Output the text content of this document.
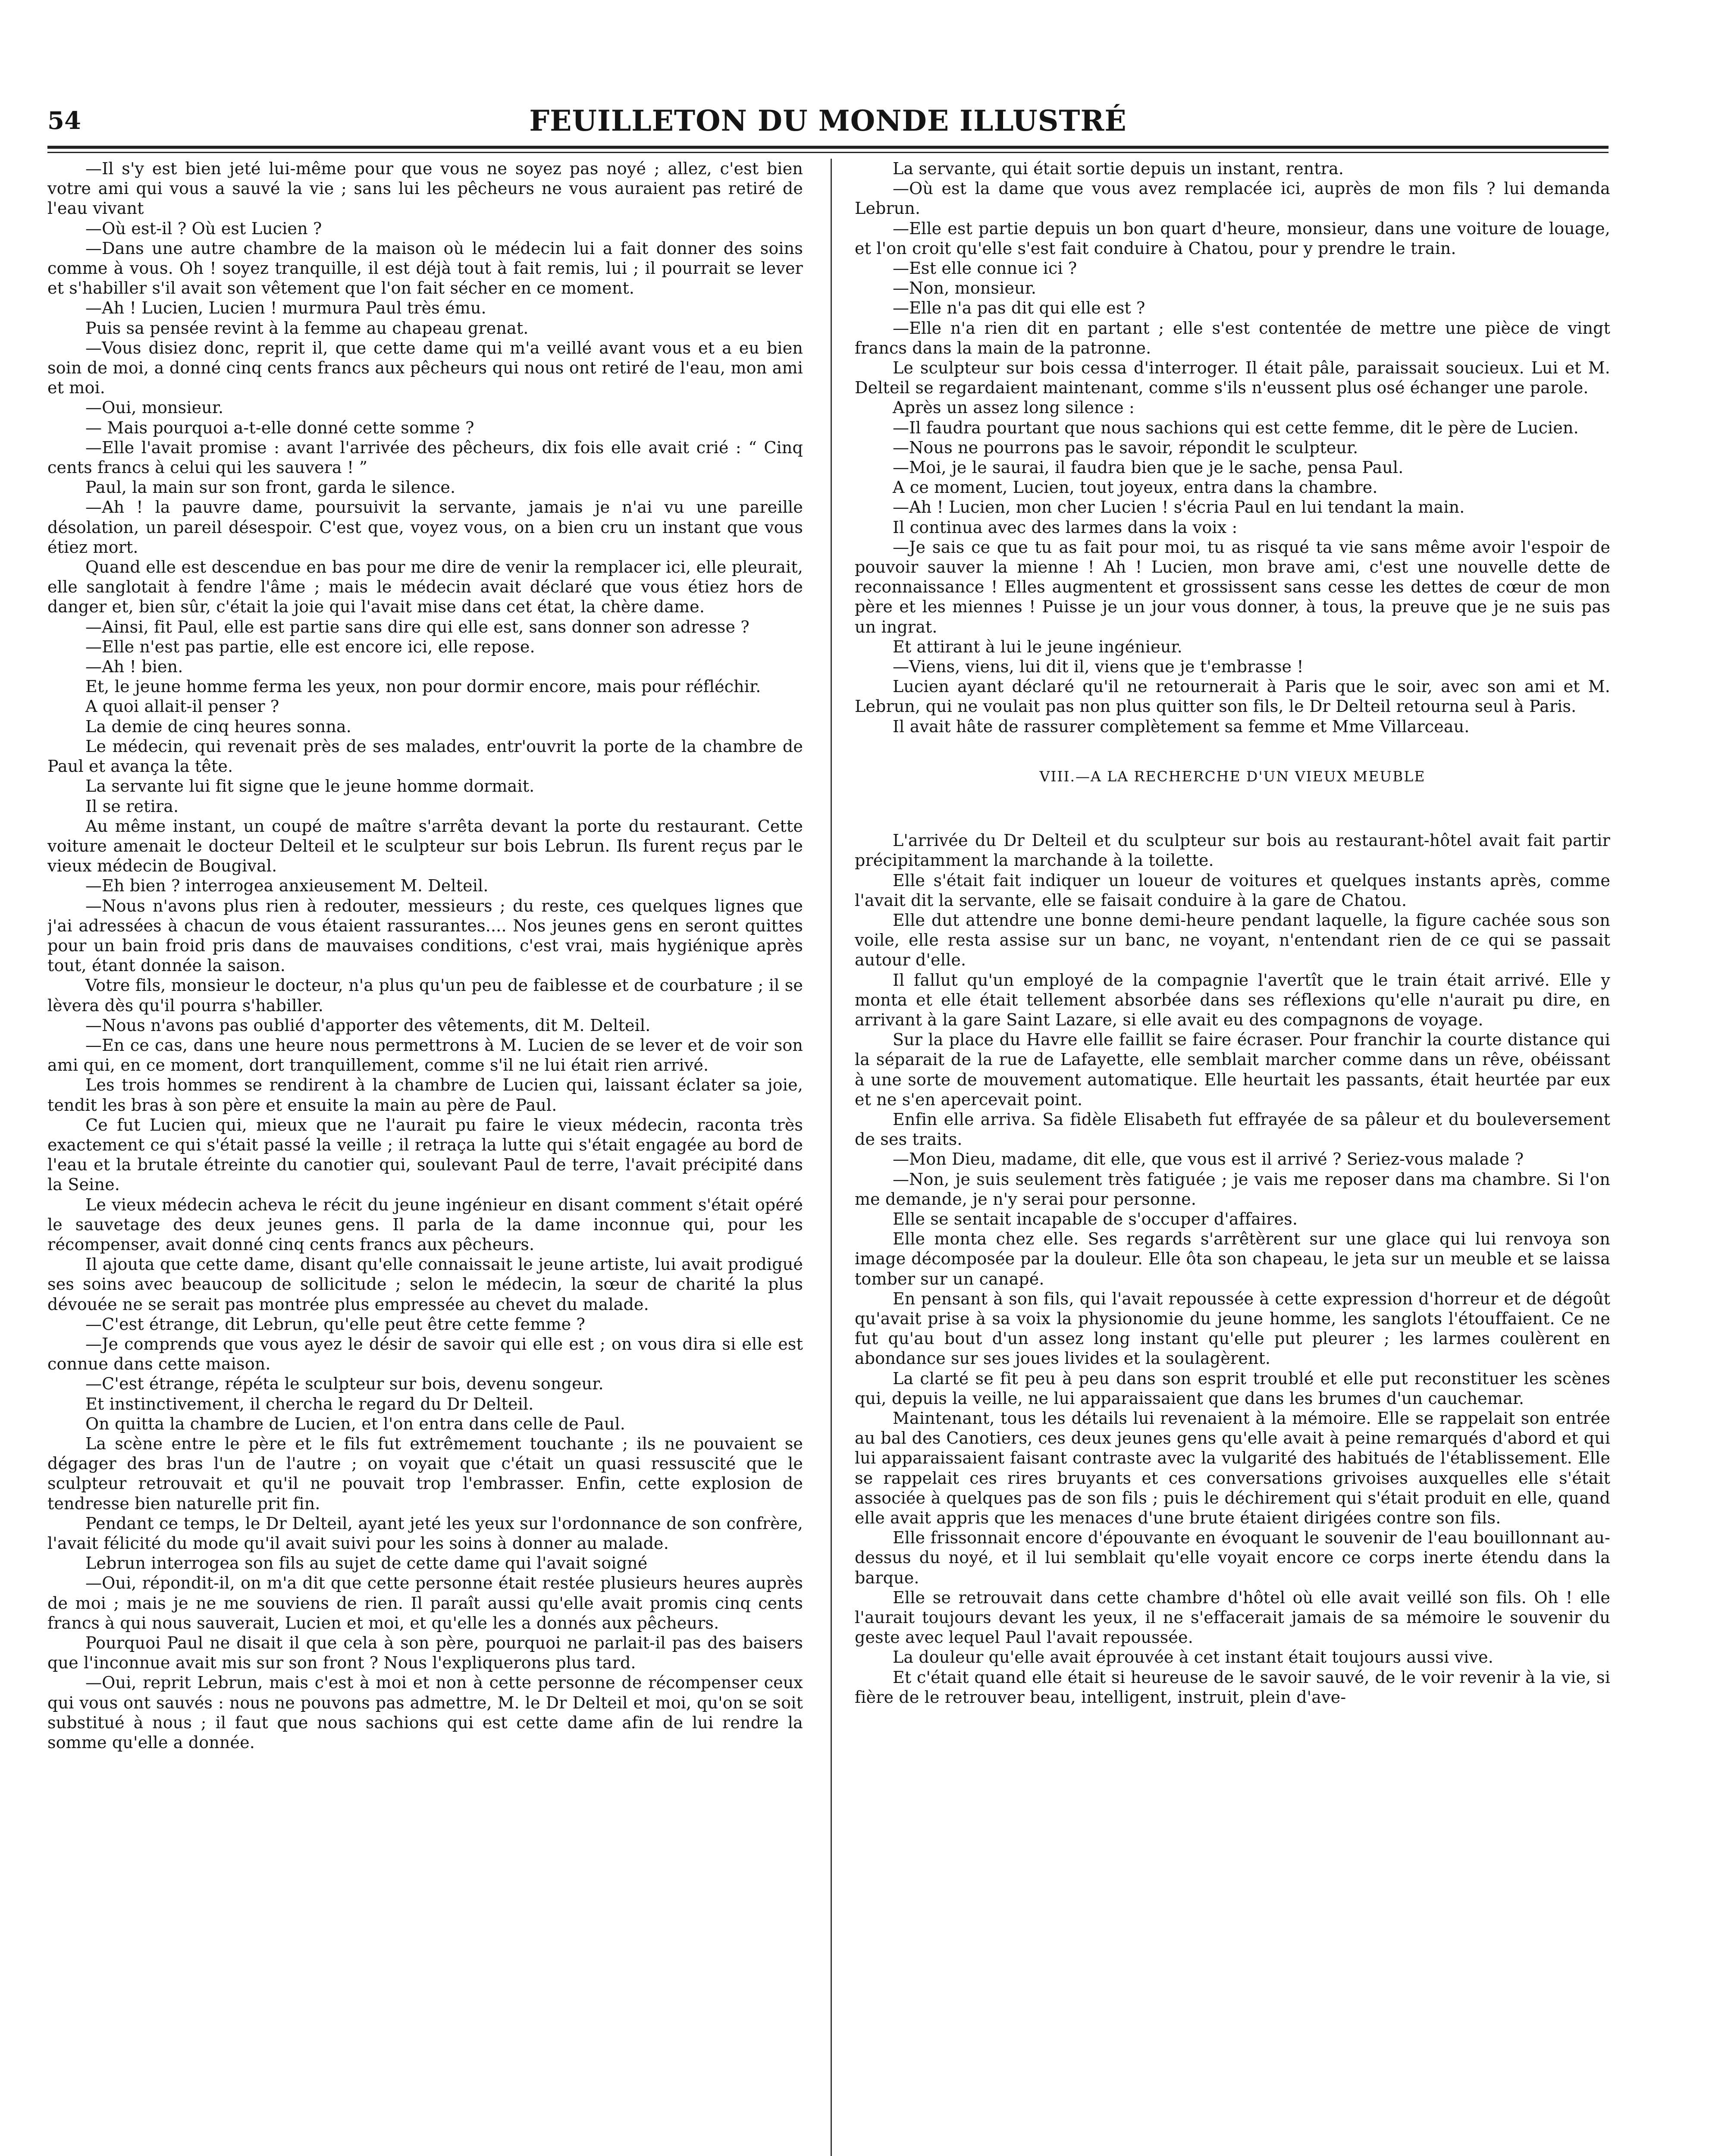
54	FEUILLETON DU MONDE ILLUSTRÉ

—Il s'y est bien jeté lui-même pour que vous ne soyez pas noyé ; allez, c'est bien votre ami qui vous a sauvé la vie ; sans lui les pêcheurs ne vous auraient pas retiré de l'eau vivant

—Où est-il ? Où est Lucien ?

—Dans une autre chambre de la maison où le médecin lui a fait donner des soins comme à vous. Oh ! soyez tranquille, il est déjà tout à fait remis, lui ; il pourrait se lever et s'habiller s'il avait son vêtement que l'on fait sécher en ce moment.

—Ah ! Lucien, Lucien ! murmura Paul très ému.

Puis sa pensée revint à la femme au chapeau grenat.

—Vous disiez donc, reprit il, que cette dame qui m'a veillé avant vous et a eu bien soin de moi, a donné cinq cents francs aux pêcheurs qui nous ont retiré de l'eau, mon ami et moi.

—Oui, monsieur.

— Mais pourquoi a-t-elle donné cette somme ?

—Elle l'avait promise : avant l'arrivée des pêcheurs, dix fois elle avait crié : “ Cinq cents francs à celui qui les sauvera ! ”

Paul, la main sur son front, garda le silence.

—Ah ! la pauvre dame, poursuivit la servante, jamais je n'ai vu une pareille désolation, un pareil désespoir. C'est que, voyez vous, on a bien cru un instant que vous étiez mort.

Quand elle est descendue en bas pour me dire de venir la remplacer ici, elle pleurait, elle sanglotait à fendre l'âme ; mais le médecin avait déclaré que vous étiez hors de danger et, bien sûr, c'était la joie qui l'avait mise dans cet état, la chère dame.

—Ainsi, fit Paul, elle est partie sans dire qui elle est, sans donner son adresse ?

—Elle n'est pas partie, elle est encore ici, elle repose.

—Ah ! bien.

Et, le jeune homme ferma les yeux, non pour dormir encore, mais pour réfléchir.

A quoi allait-il penser ?

La demie de cinq heures sonna.

Le médecin, qui revenait près de ses malades, entr'ouvrit la porte de la chambre de Paul et avança la tête.

La servante lui fit signe que le jeune homme dormait.

Il se retira.

Au même instant, un coupé de maître s'arrêta devant la porte du restaurant. Cette voiture amenait le docteur Delteil et le sculpteur sur bois Lebrun. Ils furent reçus par le vieux médecin de Bougival.

—Eh bien ? interrogea anxieusement M. Delteil.

—Nous n'avons plus rien à redouter, messieurs ; du reste, ces quelques lignes que j'ai adressées à chacun de vous étaient rassurantes.... Nos jeunes gens en seront quittes pour un bain froid pris dans de mauvaises conditions, c'est vrai, mais hygiénique après tout, étant donnée la saison.

Votre fils, monsieur le docteur, n'a plus qu'un peu de faiblesse et de courbature ; il se lèvera dès qu'il pourra s'habiller.

—Nous n'avons pas oublié d'apporter des vêtements, dit M. Delteil.

—En ce cas, dans une heure nous permettrons à M. Lucien de se lever et de voir son ami qui, en ce moment, dort tranquillement, comme s'il ne lui était rien arrivé.

Les trois hommes se rendirent à la chambre de Lucien qui, laissant éclater sa joie, tendit les bras à son père et ensuite la main au père de Paul.

Ce fut Lucien qui, mieux que ne l'aurait pu faire le vieux médecin, raconta très exactement ce qui s'était passé la veille ; il retraça la lutte qui s'était engagée au bord de l'eau et la brutale étreinte du canotier qui, soulevant Paul de terre, l'avait précipité dans la Seine.

Le vieux médecin acheva le récit du jeune ingénieur en disant comment s'était opéré le sauvetage des deux jeunes gens. Il parla de la dame inconnue qui, pour les récompenser, avait donné cinq cents francs aux pêcheurs.

Il ajouta que cette dame, disant qu'elle connaissait le jeune artiste, lui avait prodigué ses soins avec beaucoup de sollicitude ; selon le médecin, la sœur de charité la plus dévouée ne se serait pas montrée plus empressée au chevet du malade.

—C'est étrange, dit Lebrun, qu'elle peut être cette femme ?

—Je comprends que vous ayez le désir de savoir qui elle est ; on vous dira si elle est connue dans cette maison.

—C'est étrange, répéta le sculpteur sur bois, devenu songeur.

Et instinctivement, il chercha le regard du Dr Delteil.

On quitta la chambre de Lucien, et l'on entra dans celle de Paul.

La scène entre le père et le fils fut extrêmement touchante ; ils ne pouvaient se dégager des bras l'un de l'autre ; on voyait que c'était un quasi ressuscité que le sculpteur retrouvait et qu'il ne pouvait trop l'embrasser. Enfin, cette explosion de tendresse bien naturelle prit fin.

Pendant ce temps, le Dr Delteil, ayant jeté les yeux sur l'ordonnance de son confrère, l'avait félicité du mode qu'il avait suivi pour les soins à donner au malade.

Lebrun interrogea son fils au sujet de cette dame qui l'avait soigné

—Oui, répondit-il, on m'a dit que cette personne était restée plusieurs heures auprès de moi ; mais je ne me souviens de rien. Il paraît aussi qu'elle avait promis cinq cents francs à qui nous sauverait, Lucien et moi, et qu'elle les a donnés aux pêcheurs.

Pourquoi Paul ne disait il que cela à son père, pourquoi ne parlait-il pas des baisers que l'inconnue avait mis sur son front ? Nous l'expliquerons plus tard.

—Oui, reprit Lebrun, mais c'est à moi et non à cette personne de récompenser ceux qui vous ont sauvés : nous ne pouvons pas admettre, M. le Dr Delteil et moi, qu'on se soit substitué à nous ; il faut que nous sachions qui est cette dame afin de lui rendre la somme qu'elle a donnée.

La servante, qui était sortie depuis un instant, rentra.

—Où est la dame que vous avez remplacée ici, auprès de mon fils ? lui demanda Lebrun.

—Elle est partie depuis un bon quart d'heure, monsieur, dans une voiture de louage, et l'on croit qu'elle s'est fait conduire à Chatou, pour y prendre le train.

—Est elle connue ici ?

—Non, monsieur.

—Elle n'a pas dit qui elle est ?

—Elle n'a rien dit en partant ; elle s'est contentée de mettre une pièce de vingt francs dans la main de la patronne.

Le sculpteur sur bois cessa d'interroger. Il était pâle, paraissait soucieux. Lui et M. Delteil se regardaient maintenant, comme s'ils n'eussent plus osé échanger une parole.

Après un assez long silence :

—Il faudra pourtant que nous sachions qui est cette femme, dit le père de Lucien.

—Nous ne pourrons pas le savoir, répondit le sculpteur.

—Moi, je le saurai, il faudra bien que je le sache, pensa Paul.

A ce moment, Lucien, tout joyeux, entra dans la chambre.

—Ah ! Lucien, mon cher Lucien ! s'écria Paul en lui tendant la main.

Il continua avec des larmes dans la voix :

—Je sais ce que tu as fait pour moi, tu as risqué ta vie sans même avoir l'espoir de pouvoir sauver la mienne ! Ah ! Lucien, mon brave ami, c'est une nouvelle dette de reconnaissance ! Elles augmentent et grossissent sans cesse les dettes de cœur de mon père et les miennes ! Puisse je un jour vous donner, à tous, la preuve que je ne suis pas un ingrat.

Et attirant à lui le jeune ingénieur.

—Viens, viens, lui dit il, viens que je t'embrasse !

Lucien ayant déclaré qu'il ne retournerait à Paris que le soir, avec son ami et M. Lebrun, qui ne voulait pas non plus quitter son fils, le Dr Delteil retourna seul à Paris.

Il avait hâte de rassurer complètement sa femme et Mme Villarceau.

VIII.—A LA RECHERCHE D'UN VIEUX MEUBLE

L'arrivée du Dr Delteil et du sculpteur sur bois au restaurant-hôtel avait fait partir précipitamment la marchande à la toilette.

Elle s'était fait indiquer un loueur de voitures et quelques instants après, comme l'avait dit la servante, elle se faisait conduire à la gare de Chatou.

Elle dut attendre une bonne demi-heure pendant laquelle, la figure cachée sous son voile, elle resta assise sur un banc, ne voyant, n'entendant rien de ce qui se passait autour d'elle.

Il fallut qu'un employé de la compagnie l'avertît que le train était arrivé. Elle y monta et elle était tellement absorbée dans ses réflexions qu'elle n'aurait pu dire, en arrivant à la gare Saint Lazare, si elle avait eu des compagnons de voyage.

Sur la place du Havre elle faillit se faire écraser. Pour franchir la courte distance qui la séparait de la rue de Lafayette, elle semblait marcher comme dans un rêve, obéissant à une sorte de mouvement automatique. Elle heurtait les passants, était heurtée par eux et ne s'en apercevait point.

Enfin elle arriva. Sa fidèle Elisabeth fut effrayée de sa pâleur et du bouleversement de ses traits.

—Mon Dieu, madame, dit elle, que vous est il arrivé ? Seriez-vous malade ?

—Non, je suis seulement très fatiguée ; je vais me reposer dans ma chambre. Si l'on me demande, je n'y serai pour personne.

Elle se sentait incapable de s'occuper d'affaires.

Elle monta chez elle. Ses regards s'arrêtèrent sur une glace qui lui renvoya son image décomposée par la douleur. Elle ôta son chapeau, le jeta sur un meuble et se laissa tomber sur un canapé.

En pensant à son fils, qui l'avait repoussée à cette expression d'horreur et de dégoût qu'avait prise à sa voix la physionomie du jeune homme, les sanglots l'étouffaient. Ce ne fut qu'au bout d'un assez long instant qu'elle put pleurer ; les larmes coulèrent en abondance sur ses joues livides et la soulagèrent.

La clarté se fit peu à peu dans son esprit troublé et elle put reconstituer les scènes qui, depuis la veille, ne lui apparaissaient que dans les brumes d'un cauchemar.

Maintenant, tous les détails lui revenaient à la mémoire. Elle se rappelait son entrée au bal des Canotiers, ces deux jeunes gens qu'elle avait à peine remarqués d'abord et qui lui apparaissaient faisant contraste avec la vulgarité des habitués de l'établissement. Elle se rappelait ces rires bruyants et ces conversations grivoises auxquelles elle s'était associée à quelques pas de son fils ; puis le déchirement qui s'était produit en elle, quand elle avait appris que les menaces d'une brute étaient dirigées contre son fils.

Elle frissonnait encore d'épouvante en évoquant le souvenir de l'eau bouillonnant au-dessus du noyé, et il lui semblait qu'elle voyait encore ce corps inerte étendu dans la barque.

Elle se retrouvait dans cette chambre d'hôtel où elle avait veillé son fils. Oh ! elle l'aurait toujours devant les yeux, il ne s'effacerait jamais de sa mémoire le souvenir du geste avec lequel Paul l'avait repoussée.

La douleur qu'elle avait éprouvée à cet instant était toujours aussi vive.

Et c'était quand elle était si heureuse de le savoir sauvé, de le voir revenir à la vie, si fière de le retrouver beau, intelligent, instruit, plein d'ave-
